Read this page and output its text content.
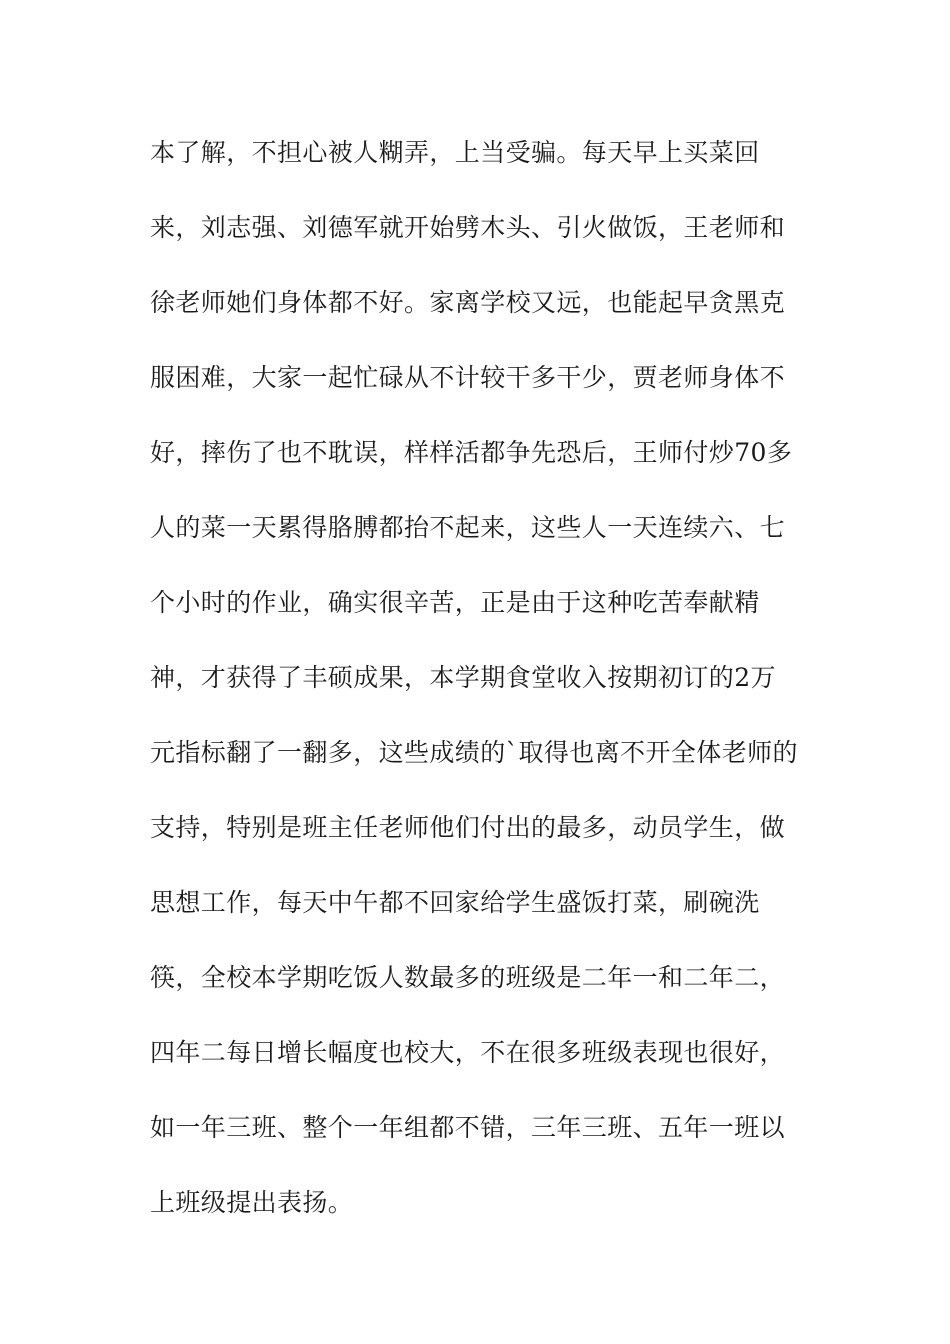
本了解，不担心被人糊弄，上当受骗。每天早上买菜回
来，刘志强、刘德军就开始劈木头、引火做饭，王老师和
徐老师她们身体都不好。家离学校又远，也能起早贪黑克
服困难，大家一起忙碌从不计较干多干少，贾老师身体不
好，摔伤了也不耽误，样样活都争先恐后，王师付炒70多
人的菜一天累得胳膊都抬不起来，这些人一天连续六、七
个小时的作业，确实很辛苦，正是由于这种吃苦奉献精
神，才获得了丰硕成果，本学期食堂收入按期初订的2万
元指标翻了一翻多，这些成绩的`取得也离不开全体老师的
支持，特别是班主任老师他们付出的最多，动员学生，做
思想工作，每天中午都不回家给学生盛饭打菜，刷碗洗
筷，全校本学期吃饭人数最多的班级是二年一和二年二，
四年二每日增长幅度也校大，不在很多班级表现也很好，
如一年三班、整个一年组都不错，三年三班、五年一班以
上班级提出表扬。
